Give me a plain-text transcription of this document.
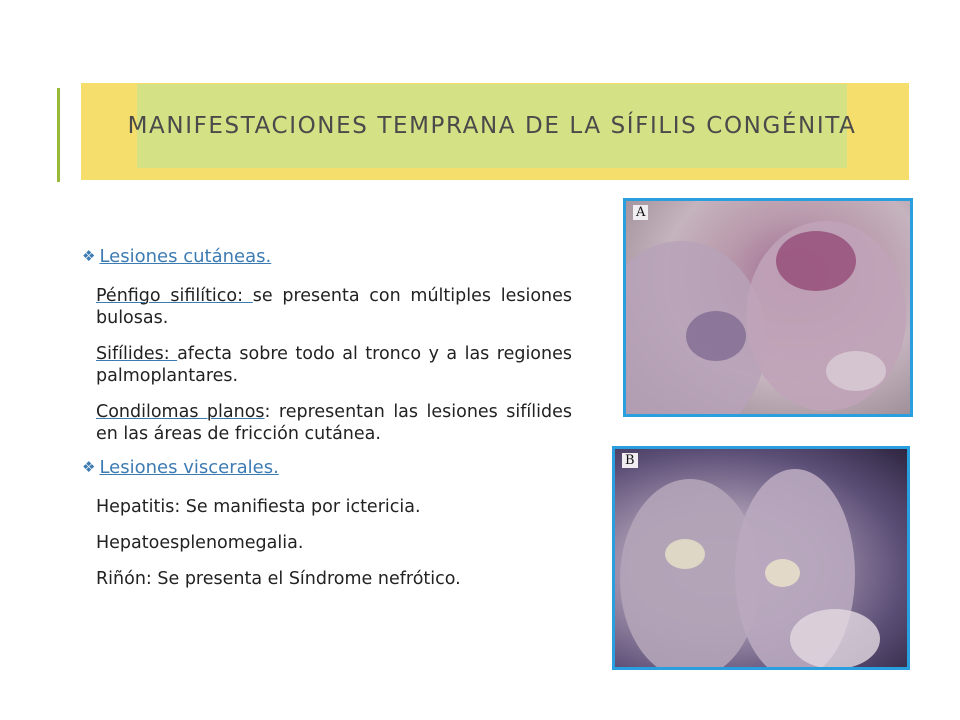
MANIFESTACIONES TEMPRANA DE LA SÍFILIS CONGÉNITA
❖ Lesiones cutáneas.
Pénfigo sifilítico: se presenta con múltiples lesiones bulosas.
Sifílides: afecta sobre todo al tronco y a las regiones palmoplantares.
Condilomas planos: representan las lesiones sifílides en las áreas de fricción cutánea.
❖ Lesiones viscerales.
Hepatitis: Se manifiesta por ictericia.
Hepatoesplenomegalia.
Riñón: Se presenta el Síndrome nefrótico.
A
B
